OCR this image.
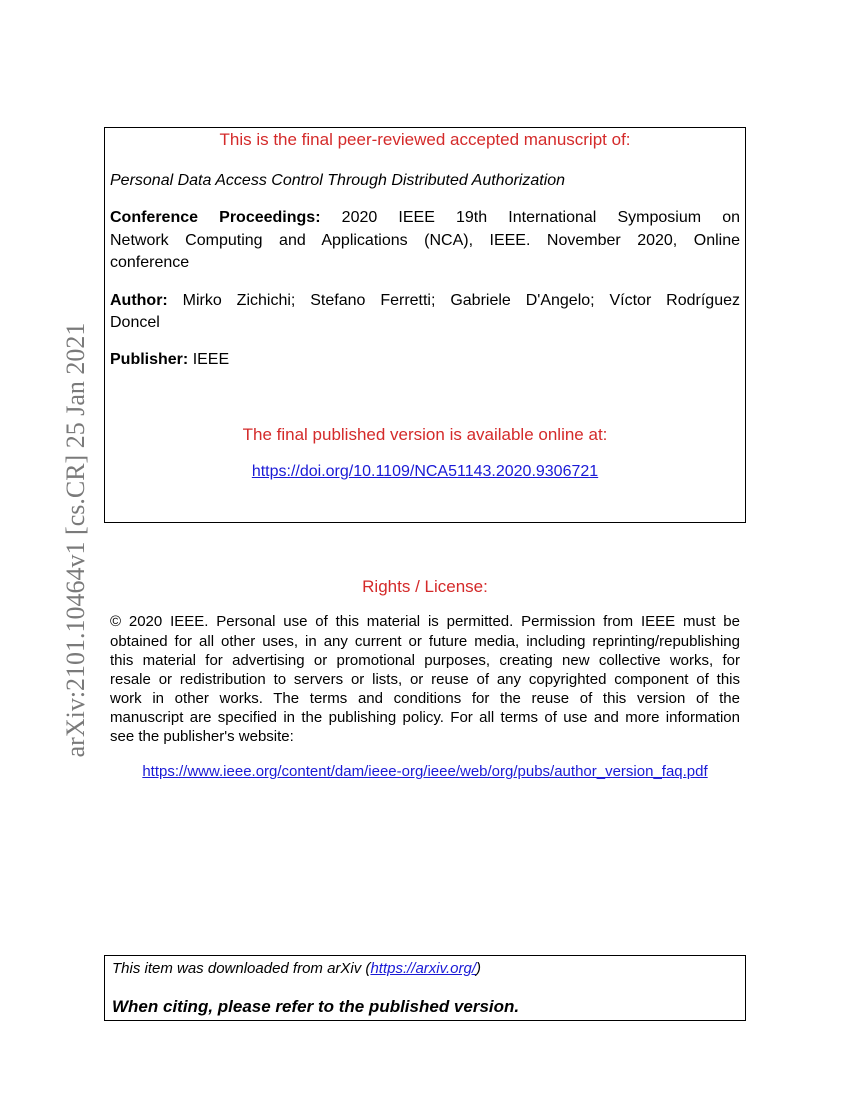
arXiv:2101.10464v1 [cs.CR] 25 Jan 2021

This is the final peer-reviewed accepted manuscript of:

Personal Data Access Control Through Distributed Authorization

Conference Proceedings: 2020 IEEE 19th International Symposium on

Network Computing and Applications (NCA), IEEE. November 2020, Online

conference

Author: Mirko Zichichi; Stefano Ferretti; Gabriele D'Angelo; Víctor Rodríguez

Doncel

Publisher: IEEE

The final published version is available online at:

https://doi.org/10.1109/NCA51143.2020.9306721

Rights / License:

© 2020 IEEE. Personal use of this material is permitted. Permission from IEEE must be

obtained for all other uses, in any current or future media, including reprinting/republishing

this material for advertising or promotional purposes, creating new collective works, for

resale or redistribution to servers or lists, or reuse of any copyrighted component of this

work in other works. The terms and conditions for the reuse of this version of the

manuscript are specified in the publishing policy. For all terms of use and more information

see the publisher's website:

https://www.ieee.org/content/dam/ieee-org/ieee/web/org/pubs/author_version_faq.pdf

This item was downloaded from arXiv (https://arxiv.org/)

When citing, please refer to the published version.
